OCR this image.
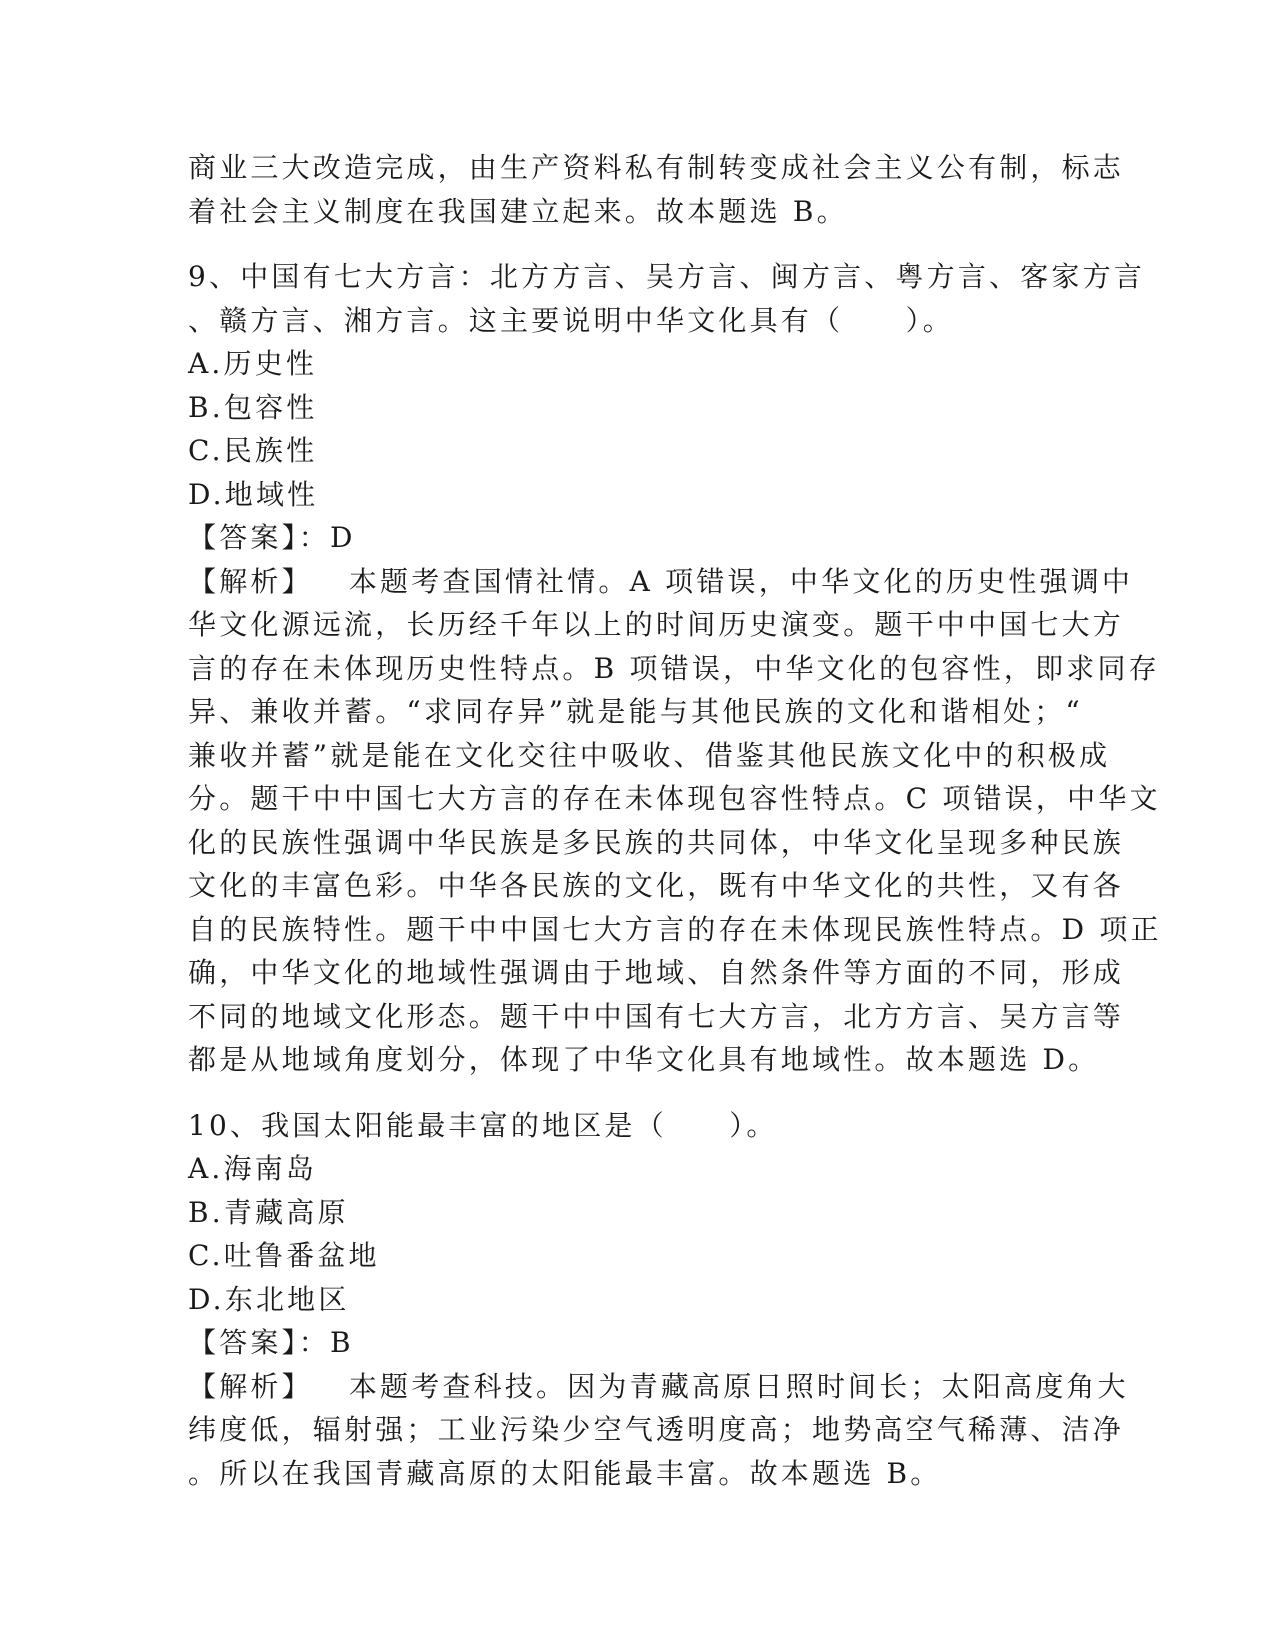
商业三大改造完成，由生产资料私有制转变成社会主义公有制，标志
着社会主义制度在我国建立起来。故本题选 B。
9、中国有七大方言：北方方言、吴方言、闽方言、粤方言、客家方言
、赣方言、湘方言。这主要说明中华文化具有（　　）。
A.历史性
B.包容性
C.民族性
D.地域性
【答案】：D
【解析】 本题考查国情社情。A 项错误，中华文化的历史性强调中
华文化源远流，长历经千年以上的时间历史演变。题干中中国七大方
言的存在未体现历史性特点。B 项错误，中华文化的包容性，即求同存
异、兼收并蓄。“求同存异”就是能与其他民族的文化和谐相处；“
兼收并蓄”就是能在文化交往中吸收、借鉴其他民族文化中的积极成
分。题干中中国七大方言的存在未体现包容性特点。C 项错误，中华文
化的民族性强调中华民族是多民族的共同体，中华文化呈现多种民族
文化的丰富色彩。中华各民族的文化，既有中华文化的共性，又有各
自的民族特性。题干中中国七大方言的存在未体现民族性特点。D 项正
确，中华文化的地域性强调由于地域、自然条件等方面的不同，形成
不同的地域文化形态。题干中中国有七大方言，北方方言、吴方言等
都是从地域角度划分，体现了中华文化具有地域性。故本题选 D。
10、我国太阳能最丰富的地区是（　　）。
A.海南岛
B.青藏高原
C.吐鲁番盆地
D.东北地区
【答案】：B
【解析】 本题考查科技。因为青藏高原日照时间长；太阳高度角大
纬度低，辐射强；工业污染少空气透明度高；地势高空气稀薄、洁净
。所以在我国青藏高原的太阳能最丰富。故本题选 B。
